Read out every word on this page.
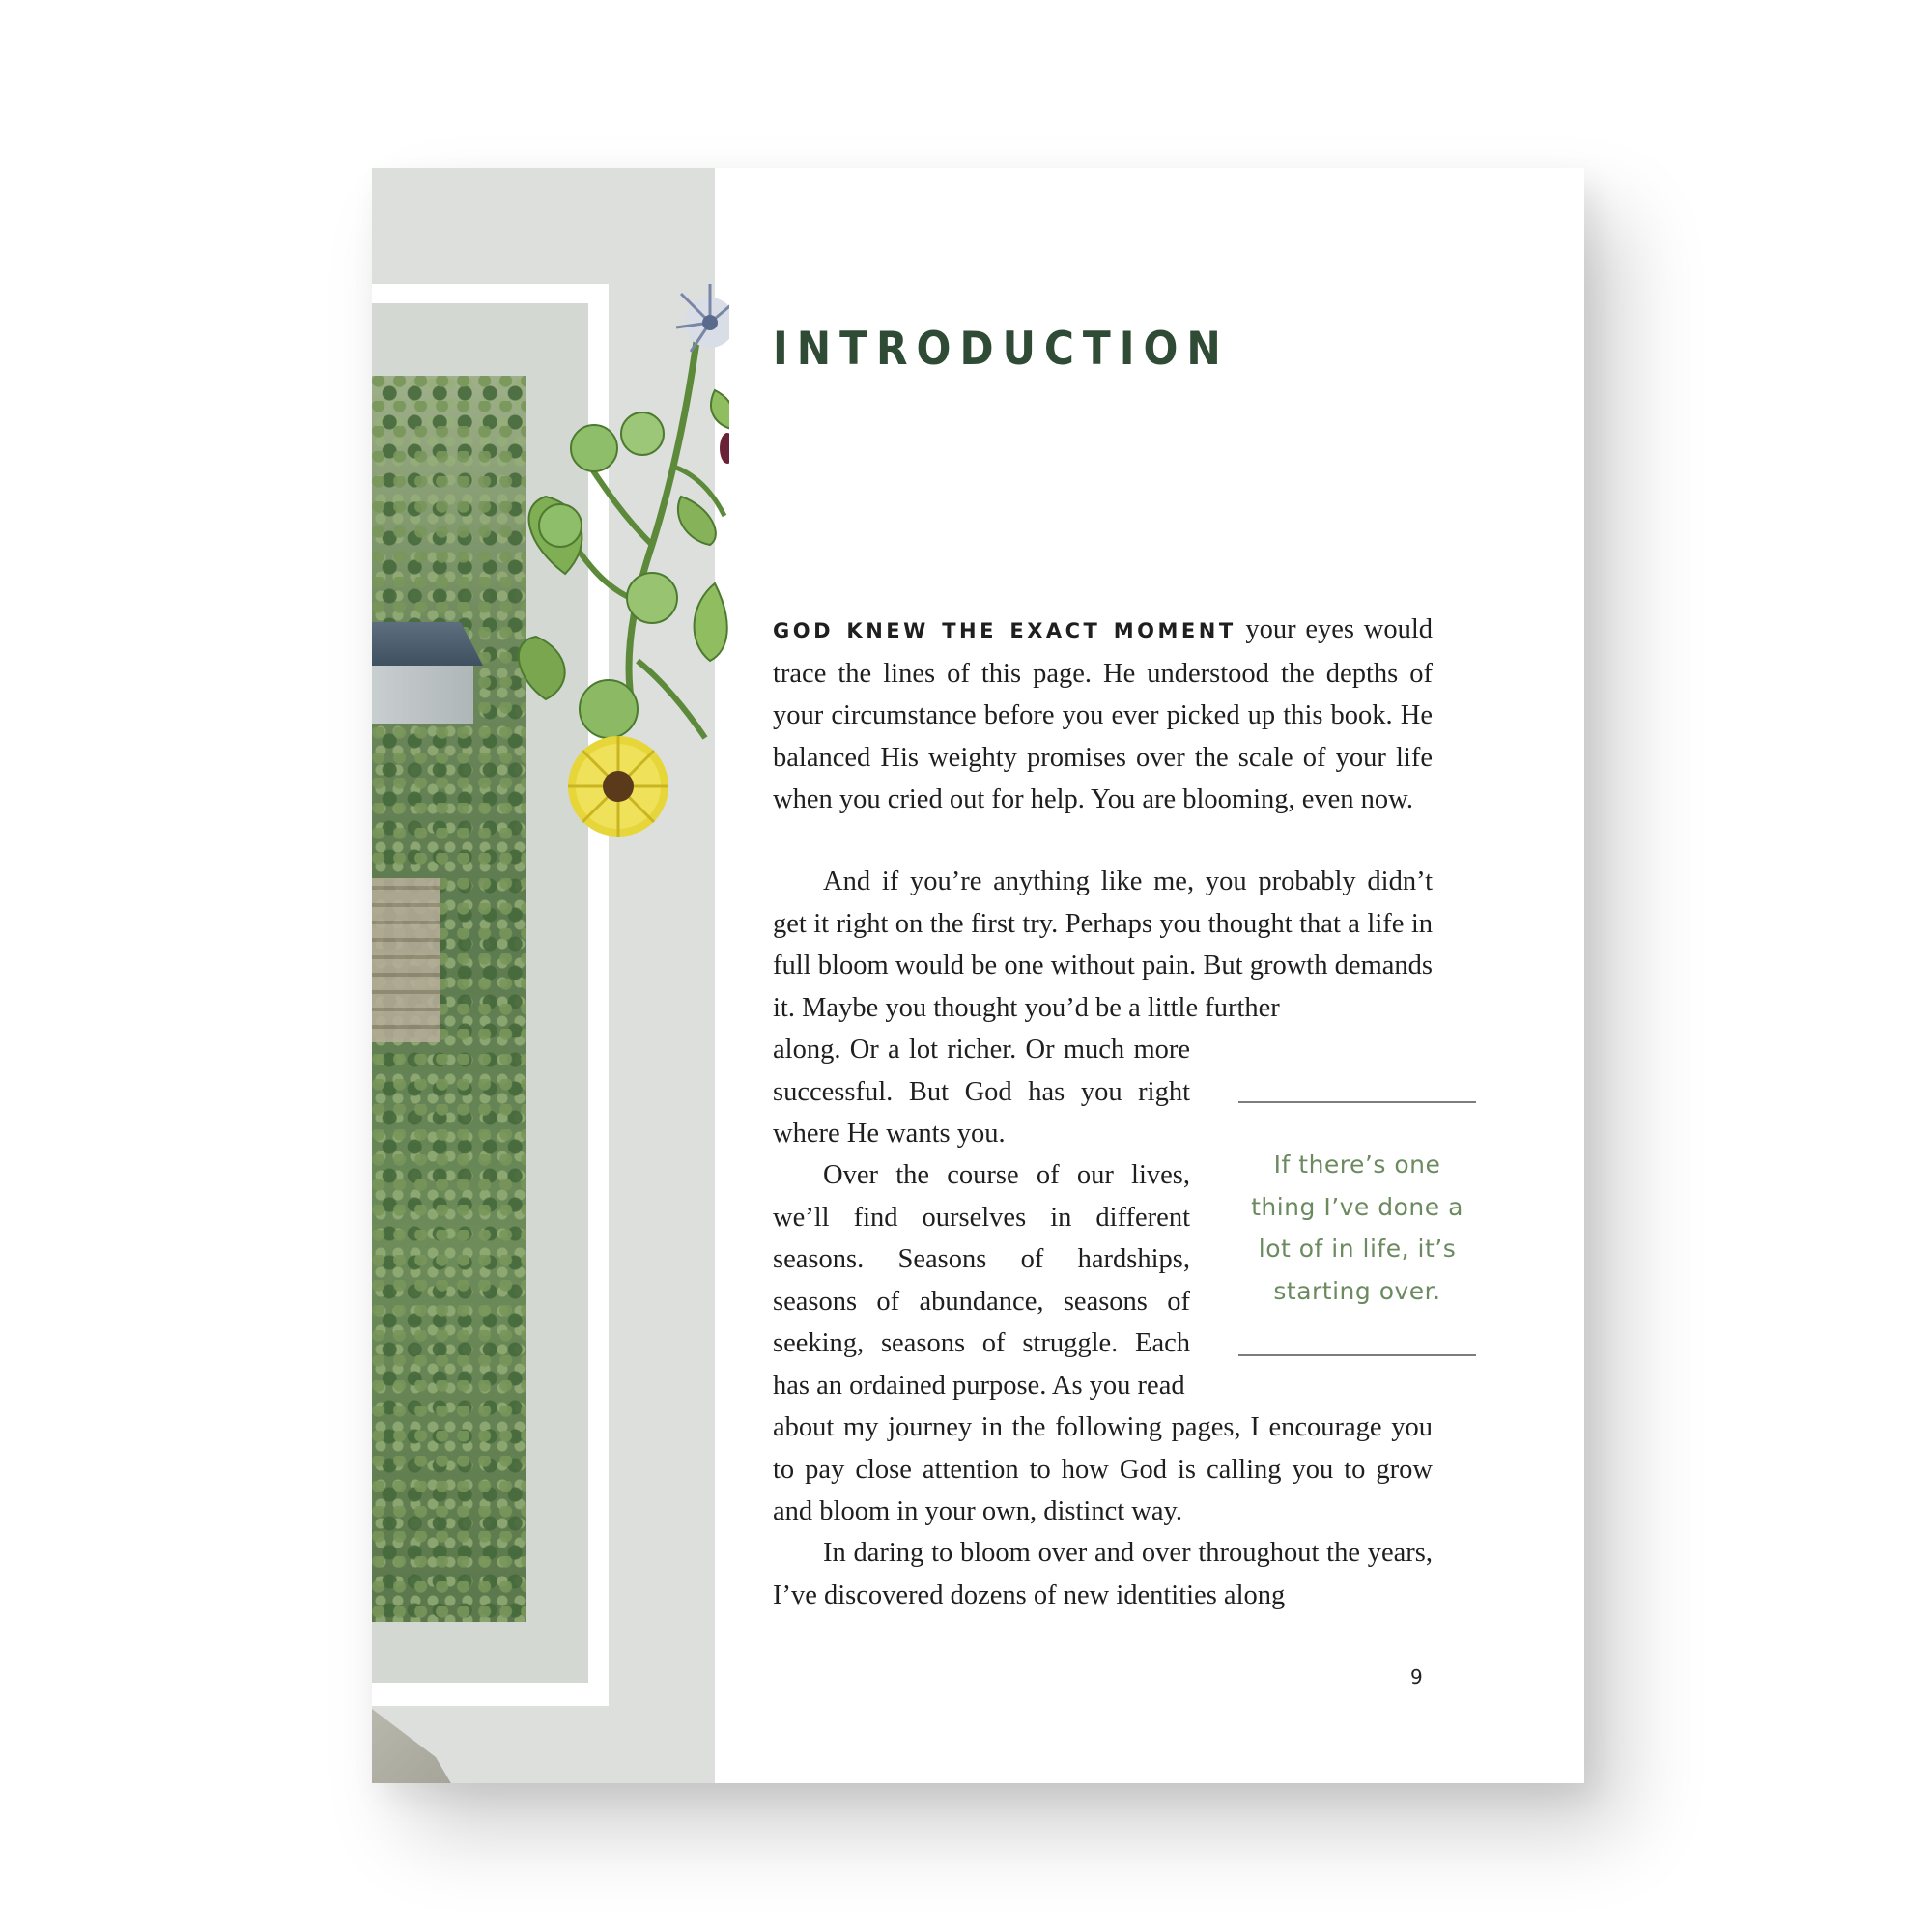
INTRODUCTION

GOD KNEW THE EXACT MOMENT your eyes would trace the lines of this page. He understood the depths of your circumstance before you ever picked up this book. He balanced His weighty promises over the scale of your life when you cried out for help. You are blooming, even now.

And if you’re anything like me, you probably didn’t get it right on the first try. Perhaps you thought that a life in full bloom would be one without pain. But growth demands it. Maybe you thought you’d be a little further

along. Or a lot richer. Or much more successful. But God has you right where He wants you.

Over the course of our lives, we’ll find ourselves in different seasons. Seasons of hardships, seasons of abundance, seasons of seeking, seasons of struggle. Each has an ordained purpose. As you read

about my journey in the following pages, I encourage you to pay close attention to how God is calling you to grow and bloom in your own, distinct way.

In daring to bloom over and over throughout the years, I’ve discovered dozens of new identities along

If there’s one thing I’ve done a lot of in life, it’s starting over.

9
